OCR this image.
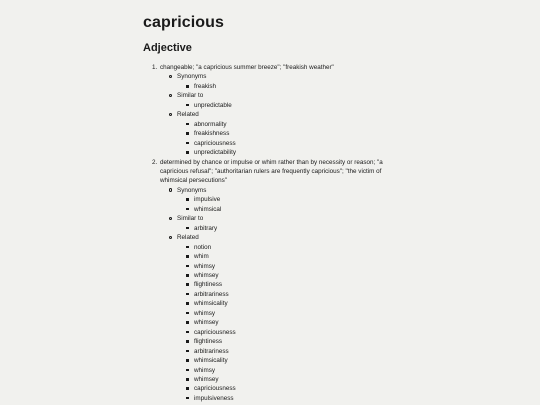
capricious
Adjective
1. changeable; "a capricious summer breeze"; "freakish weather"
Synonyms
freakish
Similar to
unpredictable
Related
abnormality
freakishness
capriciousness
unpredictability
2. determined by chance or impulse or whim rather than by necessity or reason; "a capricious refusal"; "authoritarian rulers are frequently capricious"; "the victim of whimsical persecutions"
Synonyms
impulsive
whimsical
Similar to
arbitrary
Related
notion
whim
whimsy
whimsey
flightiness
arbitrariness
whimsicality
whimsy
whimsey
capriciousness
flightiness
arbitrariness
whimsicality
whimsy
whimsey
capriciousness
impulsiveness
